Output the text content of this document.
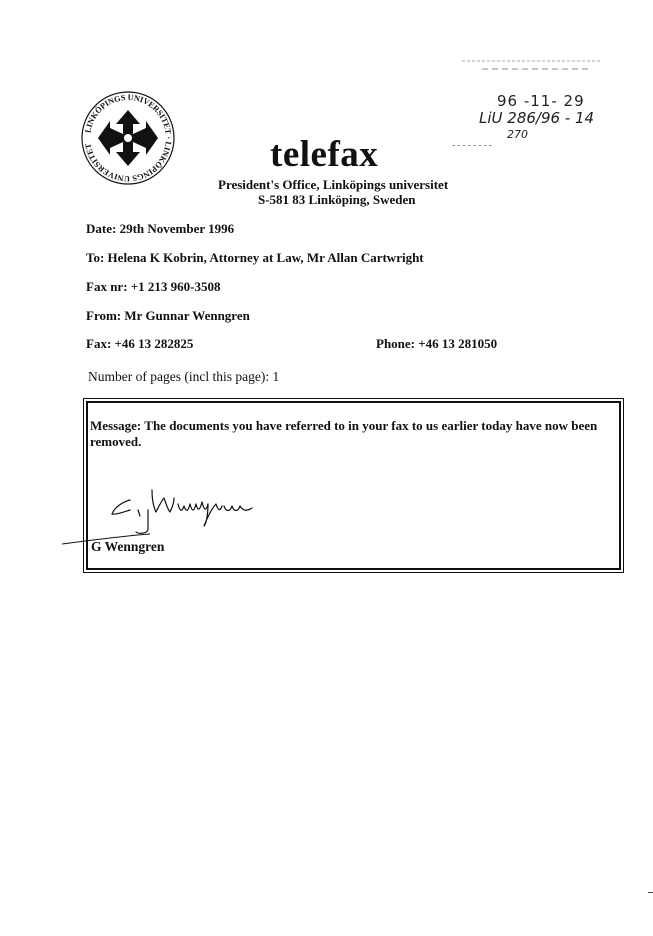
LINKÖPINGS UNIVERSITET · LINKÖPINGS UNIVERSITET
96 -11- 29
LiU 286/96 - 14
270
telefax
President's Office, Linköpings universitet
S-581 83 Linköping, Sweden
Date: 29th November 1996
To: Helena K Kobrin, Attorney at Law, Mr Allan Cartwright
Fax nr: +1 213 960-3508
From: Mr Gunnar Wenngren
Fax: +46 13 282825	Phone: +46 13 281050
Number of pages (incl this page): 1
Message: The documents you have referred to in your fax to us earlier today have now been removed.
G Wenngren
